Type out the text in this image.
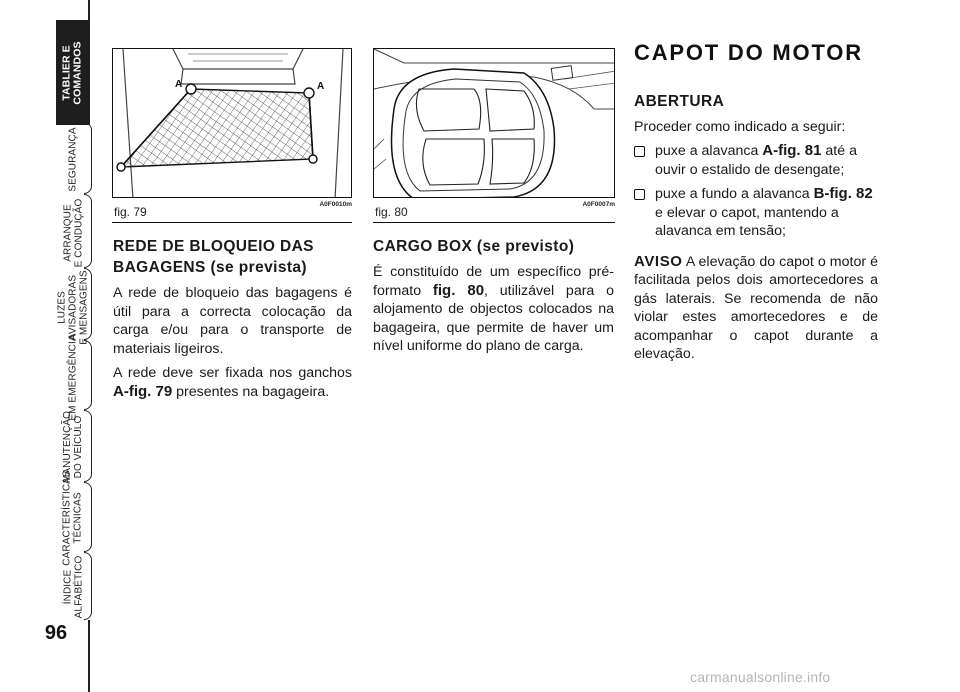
TABLIER E
COMANDOS
SEGURANÇA
ARRANQUE
E CONDUÇÃO
LUZES
AVISADORAS
E MENSAGENS
EM EMERGÊNCIA
MANUTENÇÃO
DO VEÍCULO
CARACTERÍSTICAS
TÉCNICAS
ÍNDICE
ALFABÉTICO
96
A	A
fig. 79
A0F0010m
fig. 80
A0F0007m
REDE DE BLOQUEIO DAS BAGAGENS (se prevista)

A rede de bloqueio das bagagens é útil para a correcta colocação da carga e/ou para o transporte de materiais ligeiros.

A rede deve ser fixada nos ganchos A-fig. 79 presentes na bagageira.

CARGO BOX (se previsto)

É constituído de um específico pré-formato fig. 80, utilizável para o alojamento de objectos colocados na bagageira, que permite de haver um nível uniforme do plano de carga.

CAPOT DO MOTOR
ABERTURA

Proceder como indicado a seguir:

puxe a alavanca A-fig. 81 até a ouvir o estalido de desengate;
puxe a fundo a alavanca B-fig. 82 e elevar o capot, mantendo a alavanca em tensão;

AVISO A elevação do capot o motor é facilitada pelos dois amortecedores a gás laterais. Se recomenda de não violar estes amortecedores e de acompanhar o capot durante a elevação.

carmanualsonline.info
